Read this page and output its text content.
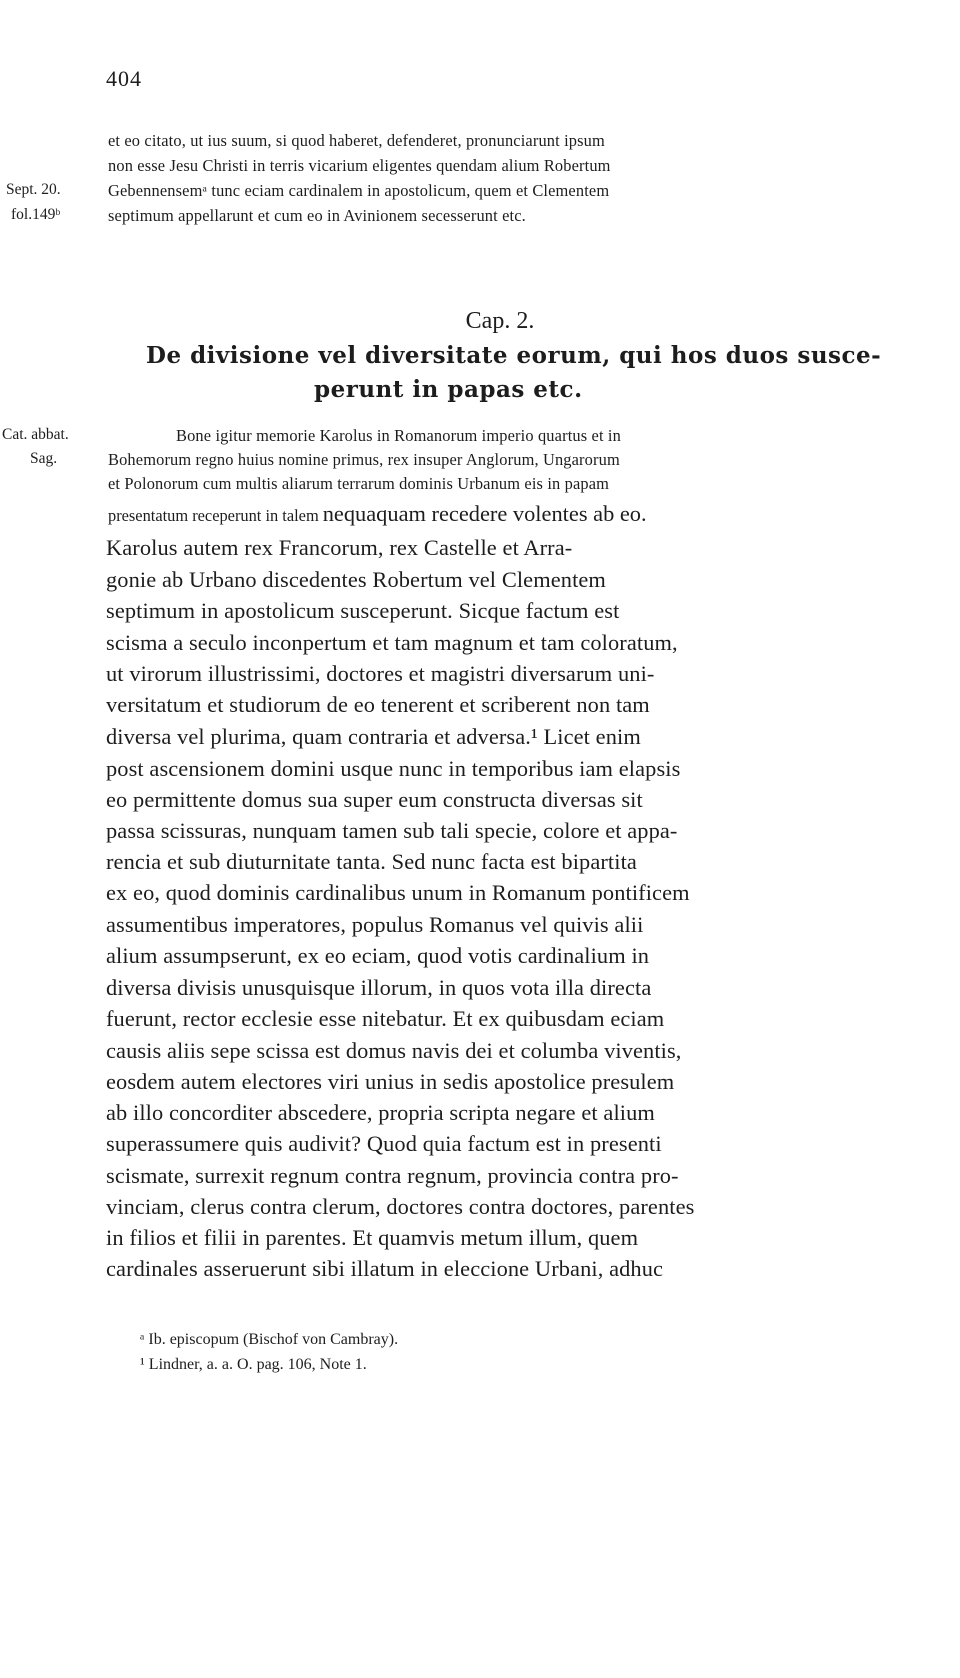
404
Sept. 20.
fol.149ᵇ
Cat. abbat.
Sag.
et eo citato, ut ius suum, si quod haberet, defenderet, pronunciarunt ipsum
non esse Jesu Christi in terris vicarium eligentes quendam alium Robertum
Gebennensemᵃ tunc eciam cardinalem in apostolicum, quem et Clementem
septimum appellarunt et cum eo in Avinionem secesserunt etc.
Cap. 2.
De divisione vel diversitate eorum, qui hos duos susce-
perunt in papas etc.
Bone igitur memorie Karolus in Romanorum imperio quartus et in
Bohemorum regno huius nomine primus, rex insuper Anglorum, Ungarorum
et Polonorum cum multis aliarum terrarum dominis Urbanum eis in papam
presentatum receperunt in talem nequaquam recedere volentes ab eo.
Karolus autem rex Francorum, rex Castelle et Arra-
gonie ab Urbano discedentes Robertum vel Clementem
septimum in apostolicum susceperunt. Sicque factum est
scisma a seculo inconpertum et tam magnum et tam coloratum,
ut virorum illustrissimi, doctores et magistri diversarum uni-
versitatum et studiorum de eo tenerent et scriberent non tam
diversa vel plurima, quam contraria et adversa.¹ Licet enim
post ascensionem domini usque nunc in temporibus iam elapsis
eo permittente domus sua super eum constructa diversas sit
passa scissuras, nunquam tamen sub tali specie, colore et appa-
rencia et sub diuturnitate tanta. Sed nunc facta est bipartita
ex eo, quod dominis cardinalibus unum in Romanum pontificem
assumentibus imperatores, populus Romanus vel quivis alii
alium assumpserunt, ex eo eciam, quod votis cardinalium in
diversa divisis unusquisque illorum, in quos vota illa directa
fuerunt, rector ecclesie esse nitebatur. Et ex quibusdam eciam
causis aliis sepe scissa est domus navis dei et columba viventis,
eosdem autem electores viri unius in sedis apostolice presulem
ab illo concorditer abscedere, propria scripta negare et alium
superassumere quis audivit? Quod quia factum est in presenti
scismate, surrexit regnum contra regnum, provincia contra pro-
vinciam, clerus contra clerum, doctores contra doctores, parentes
in filios et filii in parentes. Et quamvis metum illum, quem
cardinales asseruerunt sibi illatum in eleccione Urbani, adhuc
ᵃ Ib. episcopum (Bischof von Cambray).
¹ Lindner, a. a. O. pag. 106, Note 1.
